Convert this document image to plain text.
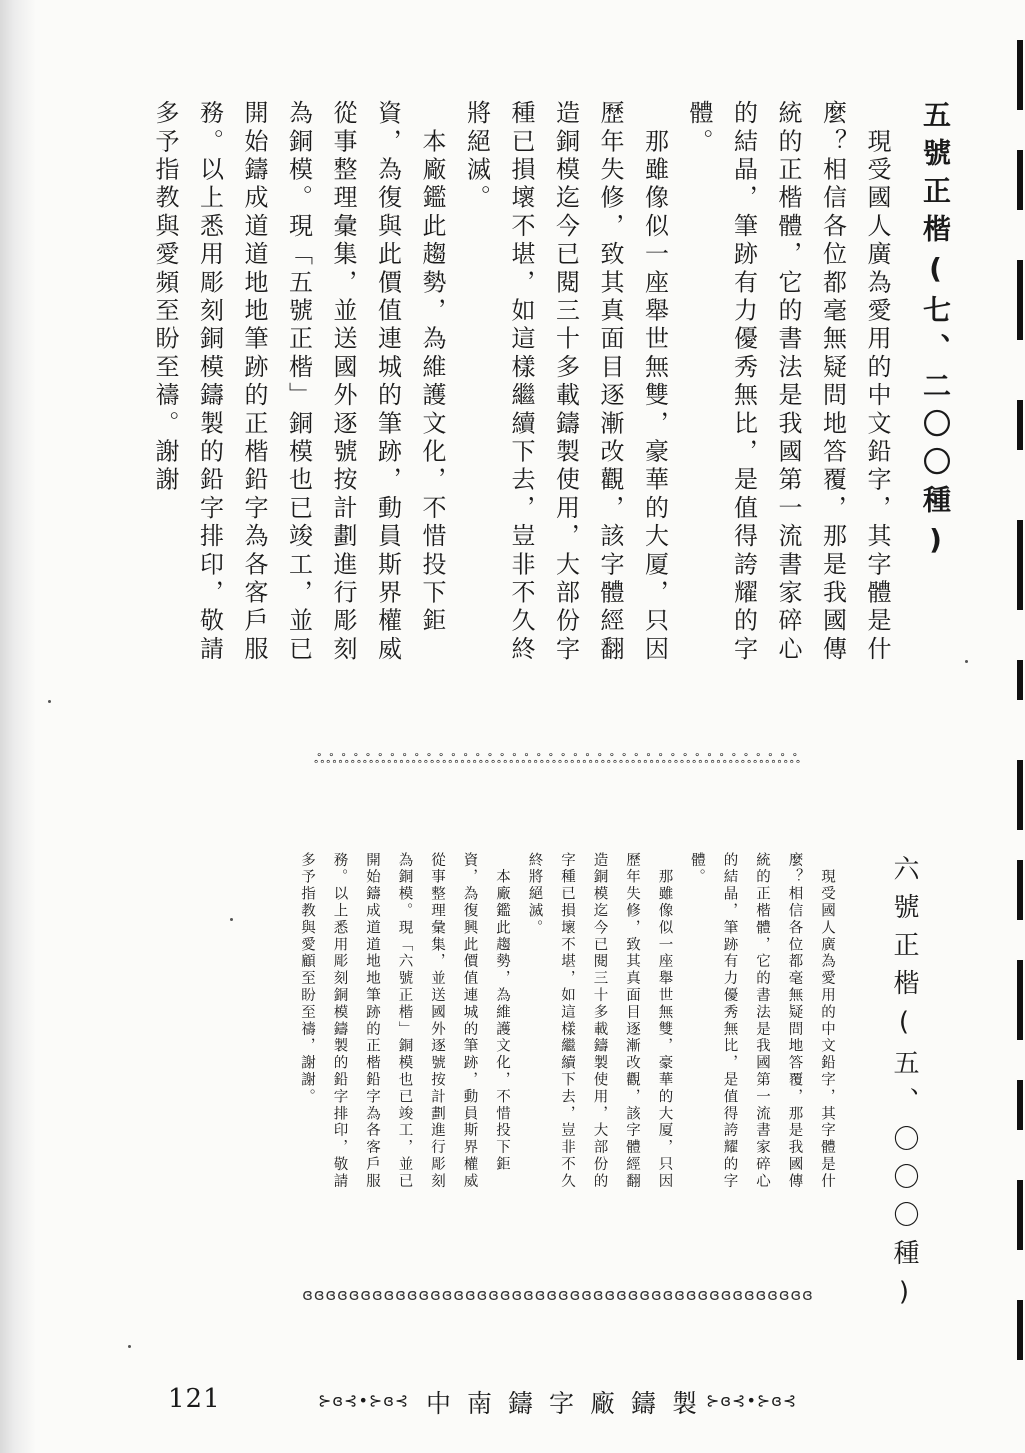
五號正楷(七、二〇〇種)

　現受國人廣為愛用的中文鉛字，其字體是什麼？相信各位都毫無疑問地答覆，那是我國傳統的正楷體，它的書法是我國第一流書家碎心的結晶，筆跡有力優秀無比，是值得誇耀的字體。

　那雖像似一座舉世無雙，豪華的大厦，只因歷年失修，致其真面目逐漸改觀，該字體經翻造銅模迄今已閱三十多載鑄製使用，大部份字種已損壞不堪，如這樣繼續下去，豈非不久終將絕滅。

　本廠鑑此趨勢，為維護文化，不惜投下鉅資，為復與此價值連城的筆跡，動員斯界權威從事整理彙集，並送國外逐號按計劃進行彫刻為銅模。現「五號正楷」銅模也已竣工，並已開始鑄成道道地地筆跡的正楷鉛字為各客戶服務。以上悉用彫刻銅模鑄製的鉛字排印，敬請多予指教與愛頻至盼至禱。謝謝

ஃஃஃஃஃஃஃஃஃஃஃஃஃஃஃஃஃஃஃஃஃஃஃஃஃஃஃஃஃஃஃஃஃஃஃஃஃஃஃஃ
六號正楷(五、〇〇〇種)

　現受國人廣為愛用的中文鉛字，其字體是什麼？相信各位都毫無疑問地答覆，那是我國傳統的正楷體，它的書法是我國第一流書家碎心的結晶，筆跡有力優秀無比，是值得誇耀的字體。

　那雖像似一座舉世無雙，豪華的大厦，只因歷年失修，致其真面目逐漸改觀，該字體經翻造銅模迄今已閱三十多載鑄製使用，大部份的字種已損壞不堪，如這樣繼續下去，豈非不久終將絕滅。

　本廠鑑此趨勢，為維護文化，不惜投下鉅資，為復興此價值連城的筆跡，動員斯界權威從事整理彙集，並送國外逐號按計劃進行彫刻為銅模。現「六號正楷」銅模也已竣工，並已開始鑄成道道地地筆跡的正楷鉛字為各客戶服務。以上悉用彫刻銅模鑄製的鉛字排印，敬請多予指教與愛顧至盼至禱，謝謝。

ɞɞɞɞɞɞɞɞɞɞɞɞɞɞɞɞɞɞɞɞɞɞɞɞɞɞɞɞɞɞɞɞɞɞɞɞɞɞɞɞɞɞɞɞ
121	⊱ɞ⊰•⊱ɞ⊰ 中南鑄字廠鑄製
⊱ɞ⊰•⊱ɞ⊰
